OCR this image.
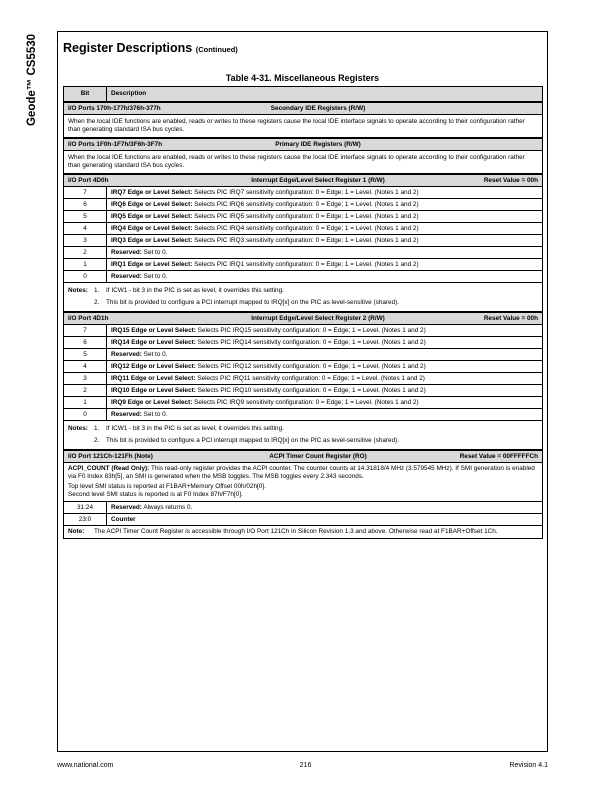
Geode™ CS5530 Register Descriptions (Continued)
Table 4-31. Miscellaneous Registers
Bit	Description

I/O Ports 170h-177h/376h-377h Secondary IDE Registers (R/W)	

When the local IDE functions are enabled, reads or writes to these registers cause the local IDE interface signals to operate according to their configuration rather than generating standard ISA bus cycles.	

I/O Ports 1F0h-1F7h/3F6h-3F7h Primary IDE Registers (R/W)	

When the local IDE functions are enabled, reads or writes to these registers cause the local IDE interface signals to operate according to their configuration rather than generating standard ISA bus cycles.	

I/O Port 4D0h Interrupt Edge/Level Select Register 1 (R/W) Reset Value = 00h	

7	IRQ7 Edge or Level Select: Selects PIC IRQ7 sensitivity configuration: 0 = Edge; 1 = Level. (Notes 1 and 2)
6	IRQ6 Edge or Level Select: Selects PIC IRQ6 sensitivity configuration: 0 = Edge; 1 = Level. (Notes 1 and 2)
5	IRQ5 Edge or Level Select: Selects PIC IRQ5 sensitivity configuration: 0 = Edge; 1 = Level. (Notes 1 and 2)
4	IRQ4 Edge or Level Select: Selects PIC IRQ4 sensitivity configuration: 0 = Edge; 1 = Level. (Notes 1 and 2)
3	IRQ3 Edge or Level Select: Selects PIC IRQ3 sensitivity configuration: 0 = Edge; 1 = Level. (Notes 1 and 2)
2	Reserved: Set to 0.
1	IRQ1 Edge or Level Select: Selects PIC IRQ1 sensitivity configuration: 0 = Edge; 1 = Level. (Notes 1 and 2)
0	Reserved: Set to 0.

Notes: 1. If ICW1 - bit 3 in the PIC is set as level, it overrides this setting.
2. This bit is provided to configure a PCI interrupt mapped to IRQ[x] on the PIC as level-sensitive (shared).	

I/O Port 4D1h Interrupt Edge/Level Select Register 2 (R/W) Reset Value = 00h	

7	IRQ15 Edge or Level Select: Selects PIC IRQ15 sensitivity configuration: 0 = Edge; 1 = Level. (Notes 1 and 2)
6	IRQ14 Edge or Level Select: Selects PIC IRQ14 sensitivity configuration: 0 = Edge; 1 = Level. (Notes 1 and 2)
5	Reserved: Set to 0.
4	IRQ12 Edge or Level Select: Selects PIC IRQ12 sensitivity configuration: 0 = Edge; 1 = Level. (Notes 1 and 2)
3	IRQ11 Edge or Level Select: Selects PIC IRQ11 sensitivity configuration: 0 = Edge; 1 = Level. (Notes 1 and 2)
2	IRQ10 Edge or Level Select: Selects PIC IRQ10 sensitivity configuration: 0 = Edge; 1 = Level. (Notes 1 and 2)
1	IRQ9 Edge or Level Select: Selects PIC IRQ9 sensitivity configuration: 0 = Edge; 1 = Level. (Notes 1 and 2)
0	Reserved: Set to 0.

Notes: 1. If ICW1 - bit 3 in the PIC is set as level, it overrides this setting.
2. This bit is provided to configure a PCI interrupt mapped to IRQ[x] on the PIC as level-sensitive (shared).	

I/O Port 121Ch-121Fh (Note) ACPI Timer Count Register (RO) Reset Value = 00FFFFFCh	

ACPI_COUNT (Read Only): This read-only register provides the ACPI counter. The counter counts at 14.31818/4 MHz (3.579545 MHz). If SMI generation is enabled via F0 Index 83h[5], an SMI is generated when the MSB toggles. The MSB toggles every 2.343 seconds.

Top level SMI status is reported at F1BAR+Memory Offset 00h/02h[0].
Second level SMI status is reported is at F0 Index 87h/F7h[0].	

31:24	Reserved: Always returns 0.
23:0	Counter

Note: The ACPI Timer Count Register is accessible through I/O Port 121Ch in Silicon Revision 1.3 and above. Otherwise read at F1BAR+Offset 1Ch.	
www.national.com	216	Revision 4.1
